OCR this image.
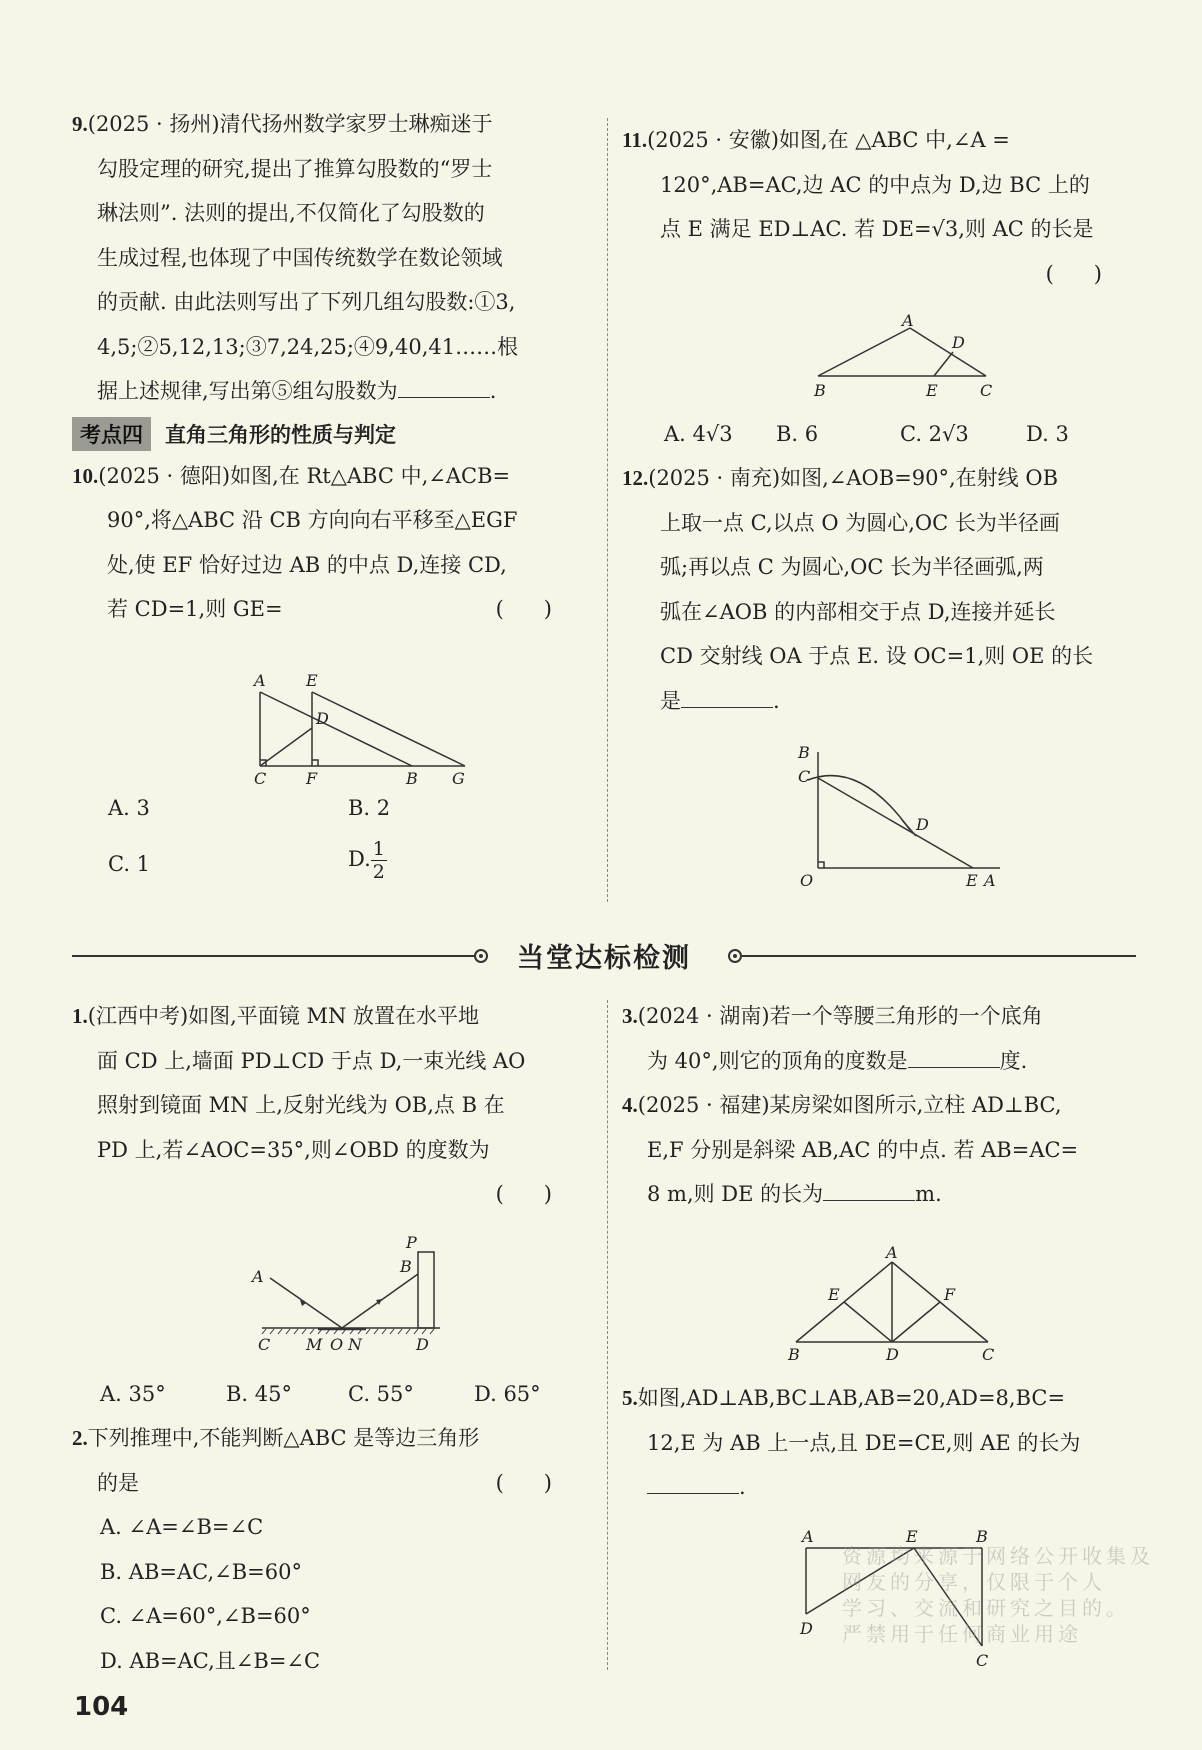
9.(2025 · 扬州)清代扬州数学家罗士琳痴迷于
勾股定理的研究,提出了推算勾股数的“罗士
琳法则”. 法则的提出,不仅简化了勾股数的
生成过程,也体现了中国传统数学在数论领域
的贡献. 由此法则写出了下列几组勾股数:①3,
4,5;②5,12,13;③7,24,25;④9,40,41……根
据上述规律,写出第⑤组勾股数为	.
考点四	直角三角形的性质与判定
10.(2025 · 德阳)如图,在 Rt△ABC 中,∠ACB=
90°,将△ABC 沿 CB 方向向右平移至△EGF
处,使 EF 恰好过边 AB 的中点 D,连接 CD,
若 CD=1,则 GE=	()
A	E
D
C F	B G
A. 3	B. 2
C. 1	D. $\frac{1}{2}$
11.(2025 · 安徽)如图,在 △ABC 中,∠A =
120°,AB=AC,边 AC 的中点为 D,边 BC 上的
点 E 满足 ED⊥AC. 若 DE=√3,则 AC 的长是
()
A
D
B	E	C
A. 4√3	B. 6	C. 2√3	D. 3
12.(2025 · 南充)如图,∠AOB=90°,在射线 OB
上取一点 C,以点 O 为圆心,OC 长为半径画
弧;再以点 C 为圆心,OC 长为半径画弧,两
弧在∠AOB 的内部相交于点 D,连接并延长
CD 交射线 OA 于点 E. 设 OC=1,则 OE 的长
是	.
B
C
D
O	E A
当堂达标检测
1.(江西中考)如图,平面镜 MN 放置在水平地
面 CD 上,墙面 PD⊥CD 于点 D,一束光线 AO
照射到镜面 MN 上,反射光线为 OB,点 B 在
PD 上,若∠AOC=35°,则∠OBD 的度数为
()
P
B
A
C M O N	D
A. 35°	B. 45°	C. 55°	D. 65°
2.下列推理中,不能判断△ABC 是等边三角形
的是	()
A. ∠A=∠B=∠C
B. AB=AC,∠B=60°
C. ∠A=60°,∠B=60°
D. AB=AC,且∠B=∠C
3.(2024 · 湖南)若一个等腰三角形的一个底角
为 40°,则它的顶角的度数是	度.
4.(2025 · 福建)某房梁如图所示,立柱 AD⊥BC,
E,F 分别是斜梁 AB,AC 的中点. 若 AB=AC=
8 m,则 DE 的长为	m.
A
E	F
B	D	C
5.如图,AD⊥AB,BC⊥AB,AB=20,AD=8,BC=
12,E 为 AB 上一点,且 DE=CE,则 AE 的长为
.
A	E	B
D
C
资源均来源于网络公开收集及
网友的分享，仅限于个人
学习、交流和研究之目的。
严禁用于任何商业用途
104
